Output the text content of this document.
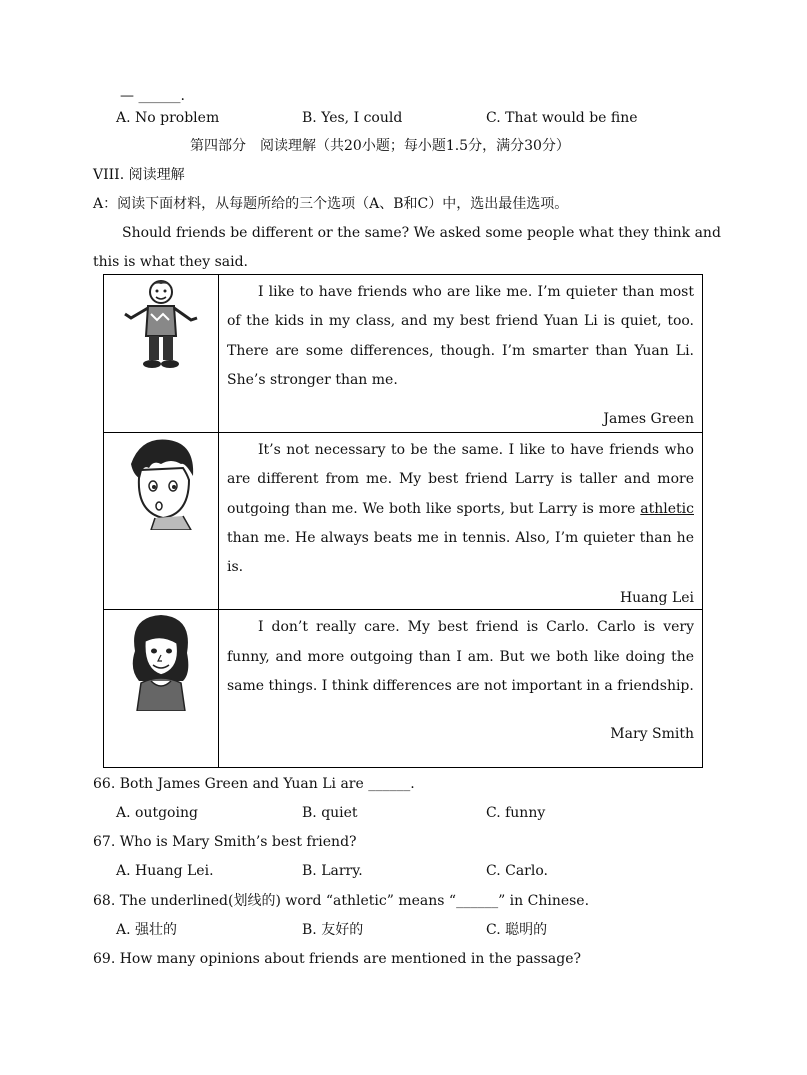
— ______.
A. No problem	B. Yes, I could	C. That would be fine
第四部分　阅读理解（共20小题；每小题1.5分，满分30分）
VIII. 阅读理解
A：阅读下面材料，从每题所给的三个选项（A、B和C）中，选出最佳选项。
Should friends be different or the same? We asked some people what they think and
this is what they said.

I like to have friends who are like me. I’m quieter than most of the kids in my class, and my best friend Yuan Li is quiet, too. There are some differences, though. I’m smarter than Yuan Li. She’s stronger than me.

James Green

It’s not necessary to be the same. I like to have friends who are different from me. My best friend Larry is taller and more outgoing than me. We both like sports, but Larry is more athletic than me. He always beats me in tennis. Also, I’m quieter than he is.

Huang Lei

I don’t really care. My best friend is Carlo. Carlo is very funny, and more outgoing than I am. But we both like doing the same things. I think differences are not important in a friendship.

Mary Smith

66. Both James Green and Yuan Li are ______.
A. outgoing	B. quiet	C. funny
67. Who is Mary Smith’s best friend?
A. Huang Lei.	B. Larry.	C. Carlo.
68. The underlined(划线的) word “athletic” means “______” in Chinese.
A. 强壮的	B. 友好的	C. 聪明的
69. How many opinions about friends are mentioned in the passage?
